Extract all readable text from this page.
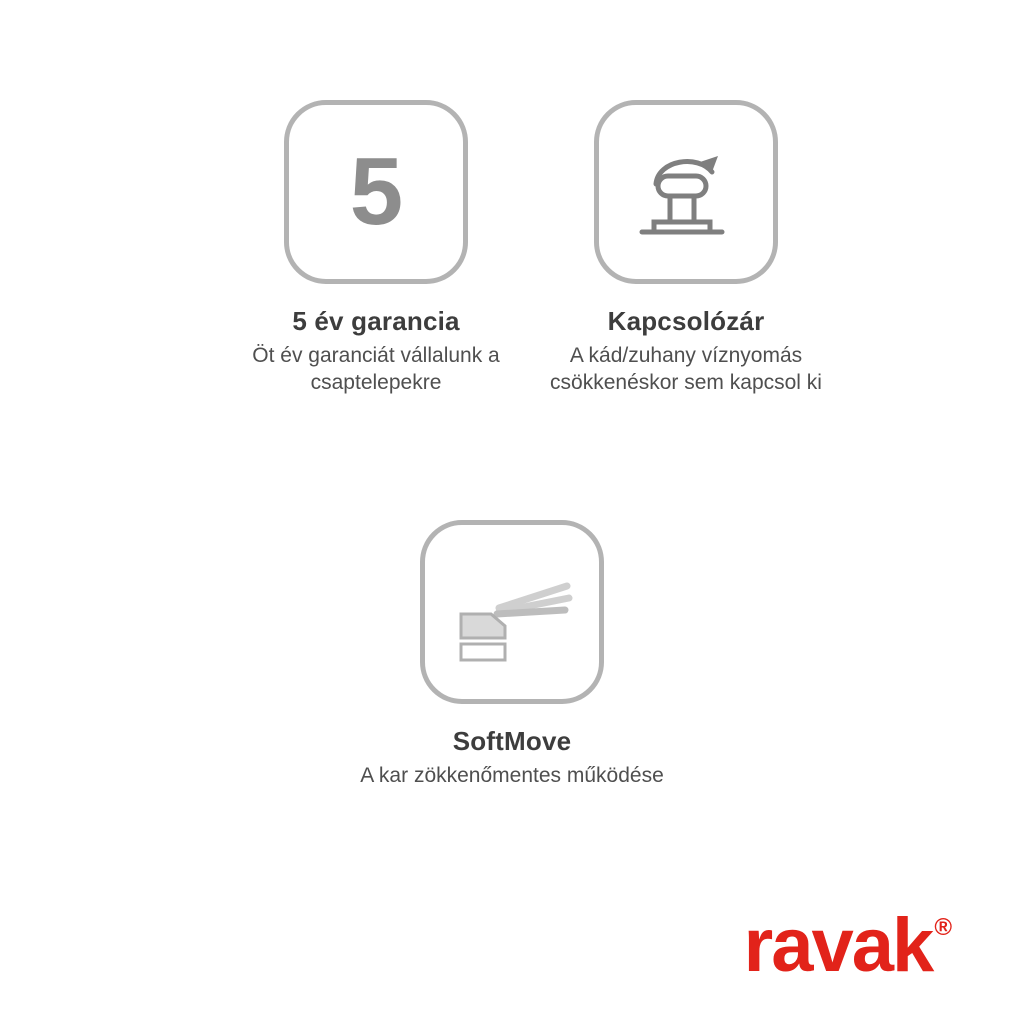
5
5 év garancia
Öt év garanciát vállalunk a csaptelepekre
Kapcsolózár
A kád/zuhany víznyomás csökkenéskor sem kapcsol ki
SoftMove
A kar zökkenőmentes működése
ravak ®
